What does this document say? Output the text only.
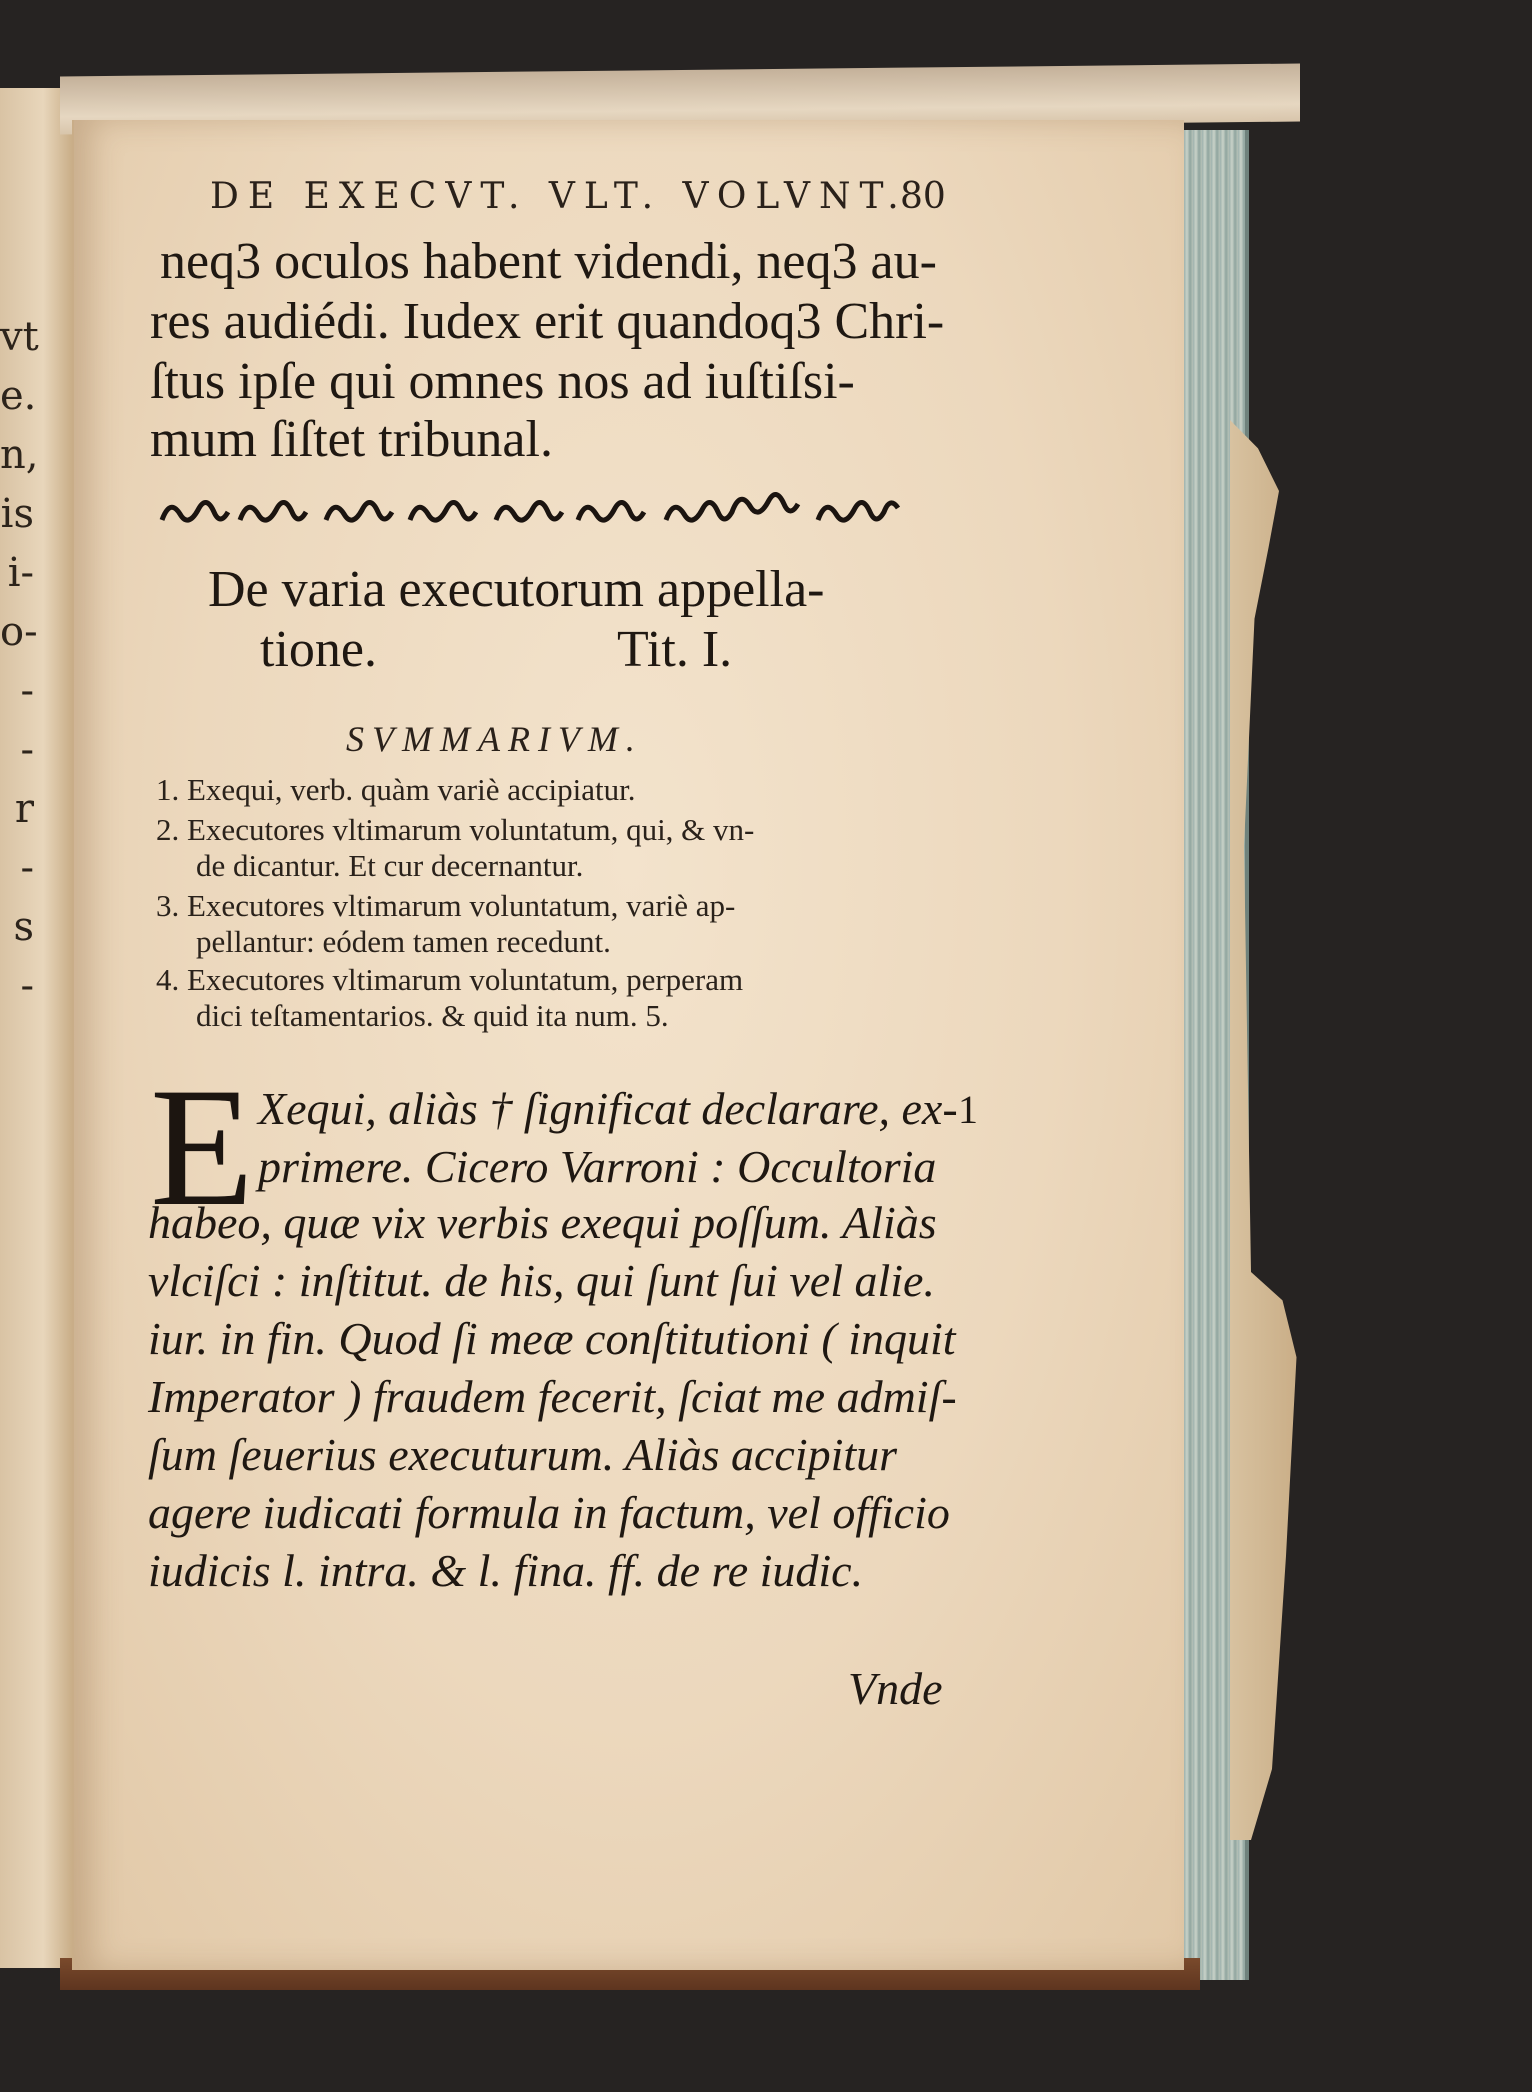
vt
e.
n,
is
i-
o-
-
-
r
-
s
-
DE EXECVT. VLT. VOLVNT.
80
neq3 oculos habent videndi, neq3 au-
res audiédi. Iudex erit quandoq3 Chri-
ſtus ipſe qui omnes nos ad iuſtiſsi-
mum ſiſtet tribunal.
De varia executorum appella-
tione.	Tit. I.
SVMMARIVM.
1. Exequi, verb. quàm variè accipiatur.
2. Executores vltimarum voluntatum, qui, & vn-
de dicantur. Et cur decernantur.
3. Executores vltimarum voluntatum, variè ap-
pellantur: eódem tamen recedunt.
4. Executores vltimarum voluntatum, perperam
dici teſtamentarios. & quid ita num. 5.
E Xequi, aliàs † ſignificat declarare, ex-
primere. Cicero Varroni : Occultoria
habeo, quæ vix verbis exequi poſſum. Aliàs
vlciſci : inſtitut. de his, qui ſunt ſui vel alie.
iur. in fin. Quod ſi meæ conſtitutioni ( inquit
Imperator ) fraudem fecerit, ſciat me admiſ-
ſum ſeuerius executurum. Aliàs accipitur
agere iudicati formula in factum, vel officio
iudicis l. intra. & l. fina. ff. de re iudic.
1
Vnde
